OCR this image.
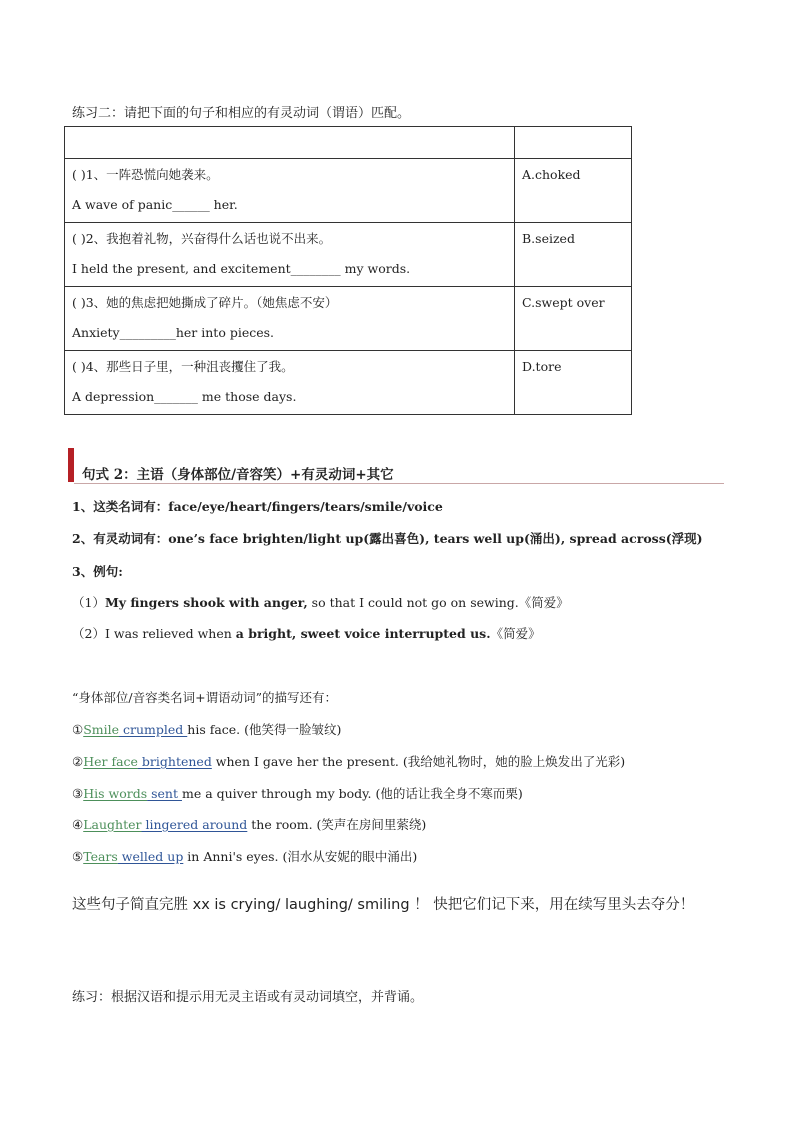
练习二：请把下面的句子和相应的有灵动词（谓语）匹配。

( )1、一阵恐慌向她袭来。
A wave of panic______ her.	A.choked

( )2、我抱着礼物，兴奋得什么话也说不出来。
I held the present, and excitement________ my words.	B.seized

( )3、她的焦虑把她撕成了碎片。（她焦虑不安）
Anxiety_________her into pieces.	C.swept over

( )4、那些日子里，一种沮丧攫住了我。
A depression_______ me those days.	D.tore
句式 2：主语（身体部位/音容笑）+有灵动词+其它
1、这类名词有：face/eye/heart/fingers/tears/smile/voice
2、有灵动词有：one’s face brighten/light up(露出喜色), tears well up(涌出), spread across(浮现)
3、例句:
（1）My fingers shook with anger, so that I could not go on sewing.《简爱》
（2）I was relieved when a bright, sweet voice interrupted us.《简爱》
“身体部位/音容类名词+谓语动词”的描写还有：
①Smile crumpled his face. (他笑得一脸皱纹)
②Her face brightened when I gave her the present. (我给她礼物时，她的脸上焕发出了光彩)
③His words sent me a quiver through my body. (他的话让我全身不寒而栗)
④Laughter lingered around the room. (笑声在房间里萦绕)
⑤Tears welled up in Anni's eyes. (泪水从安妮的眼中涌出)
这些句子简直完胜 xx is crying/ laughing/ smiling ！ 快把它们记下来，用在续写里头去夺分！
练习：根据汉语和提示用无灵主语或有灵动词填空，并背诵。
